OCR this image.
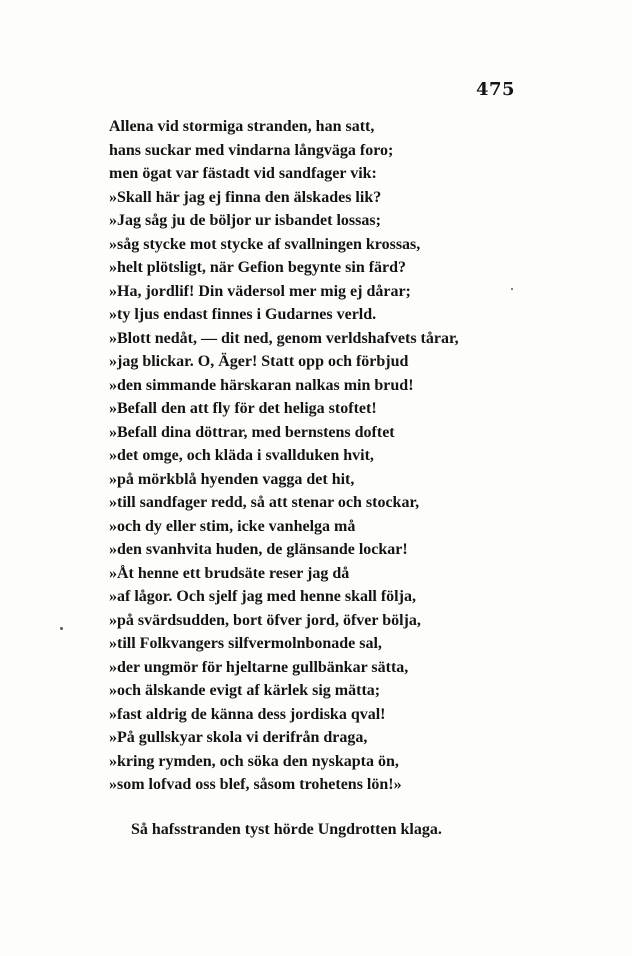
475
Allena vid stormiga stranden, han satt,
hans suckar med vindarna långväga foro;
men ögat var fästadt vid sandfager vik:
»Skall här jag ej finna den älskades lik?
»Jag såg ju de böljor ur isbandet lossas;
»såg stycke mot stycke af svallningen krossas,
»helt plötsligt, när Gefion begynte sin färd?
»Ha, jordlif! Din vädersol mer mig ej dårar;
»ty ljus endast finnes i Gudarnes verld.
»Blott nedåt, — dit ned, genom verldshafvets tårar,
»jag blickar. O, Äger! Statt opp och förbjud
»den simmande härskaran nalkas min brud!
»Befall den att fly för det heliga stoftet!
»Befall dina döttrar, med bernstens doftet
»det omge, och kläda i svallduken hvit,
»på mörkblå hyenden vagga det hit,
»till sandfager redd, så att stenar och stockar,
»och dy eller stim, icke vanhelga må
»den svanhvita huden, de glänsande lockar!
»Åt henne ett brudsäte reser jag då
»af lågor. Och sjelf jag med henne skall följa,
»på svärdsudden, bort öfver jord, öfver bölja,
»till Folkvangers silfvermolnbonade sal,
»der ungmör för hjeltarne gullbänkar sätta,
»och älskande evigt af kärlek sig mätta;
»fast aldrig de känna dess jordiska qval!
»På gullskyar skola vi derifrån draga,
»kring rymden, och söka den nyskapta ön,
»som lofvad oss blef, såsom trohetens lön!»
Så hafsstranden tyst hörde Ungdrotten klaga.
